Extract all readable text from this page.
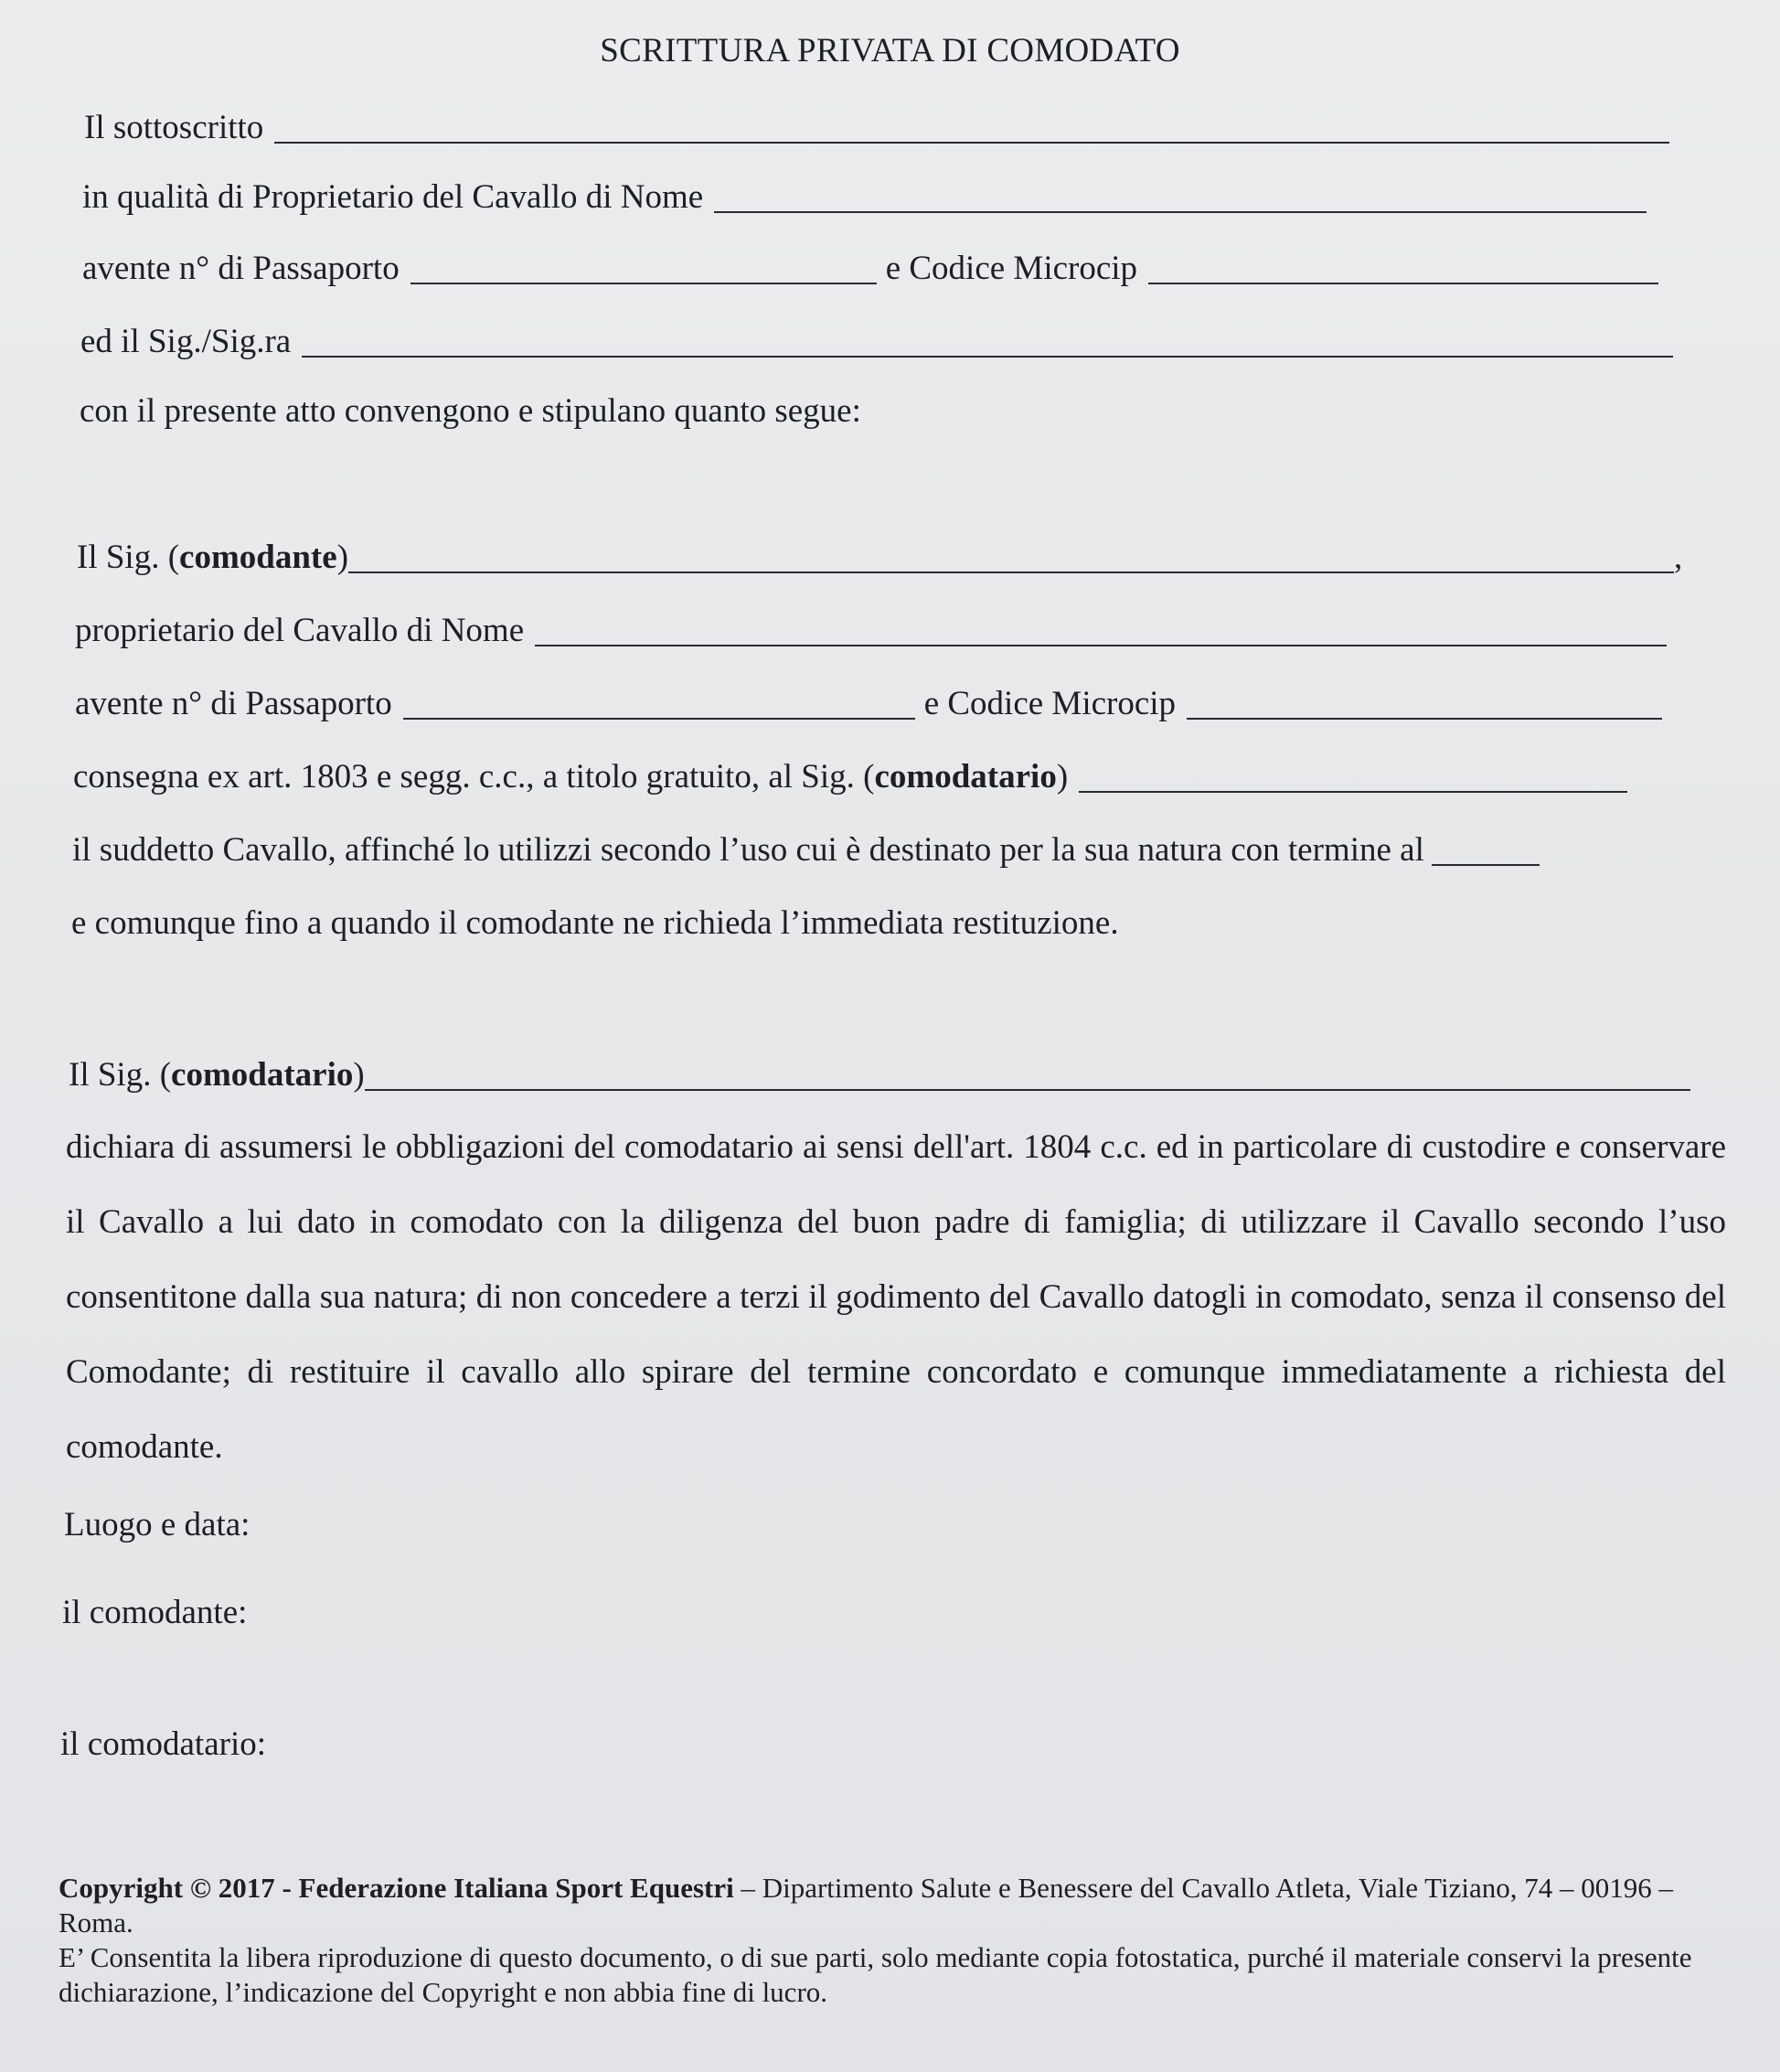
SCRITTURA PRIVATA DI COMODATO
Il sottoscritto
in qualità di Proprietario del Cavallo di Nome
avente n° di Passaporto	e Codice Microcip
ed il Sig./Sig.ra
con il presente atto convengono e stipulano quanto segue:
Il Sig. ( comodante )	,
proprietario del Cavallo di Nome
avente n° di Passaporto	e Codice Microcip
consegna ex art. 1803 e segg. c.c., a titolo gratuito, al Sig. ( comodatario )
il suddetto Cavallo, affinché lo utilizzi secondo l’uso cui è destinato per la sua natura con termine al
e comunque fino a quando il comodante ne richieda l’immediata restituzione.
Il Sig. ( comodatario )
dichiara di assumersi le obbligazioni del comodatario ai sensi dell'art. 1804 c.c. ed in particolare di custodire e conservare il Cavallo a lui dato in comodato con la diligenza del buon padre di famiglia; di utilizzare il Cavallo secondo l’uso consentitone dalla sua natura; di non concedere a terzi il godimento del Cavallo datogli in comodato, senza il consenso del Comodante; di restituire il cavallo allo spirare del termine concordato e comunque immediatamente a richiesta del comodante.
Luogo e data:
il comodante:
il comodatario:
Copyright © 2017 - Federazione Italiana Sport Equestri – Dipartimento Salute e Benessere del Cavallo Atleta, Viale Tiziano, 74 – 00196 – Roma.
E’ Consentita la libera riproduzione di questo documento, o di sue parti, solo mediante copia fotostatica, purché il materiale conservi la presente dichiarazione, l’indicazione del Copyright e non abbia fine di lucro.
